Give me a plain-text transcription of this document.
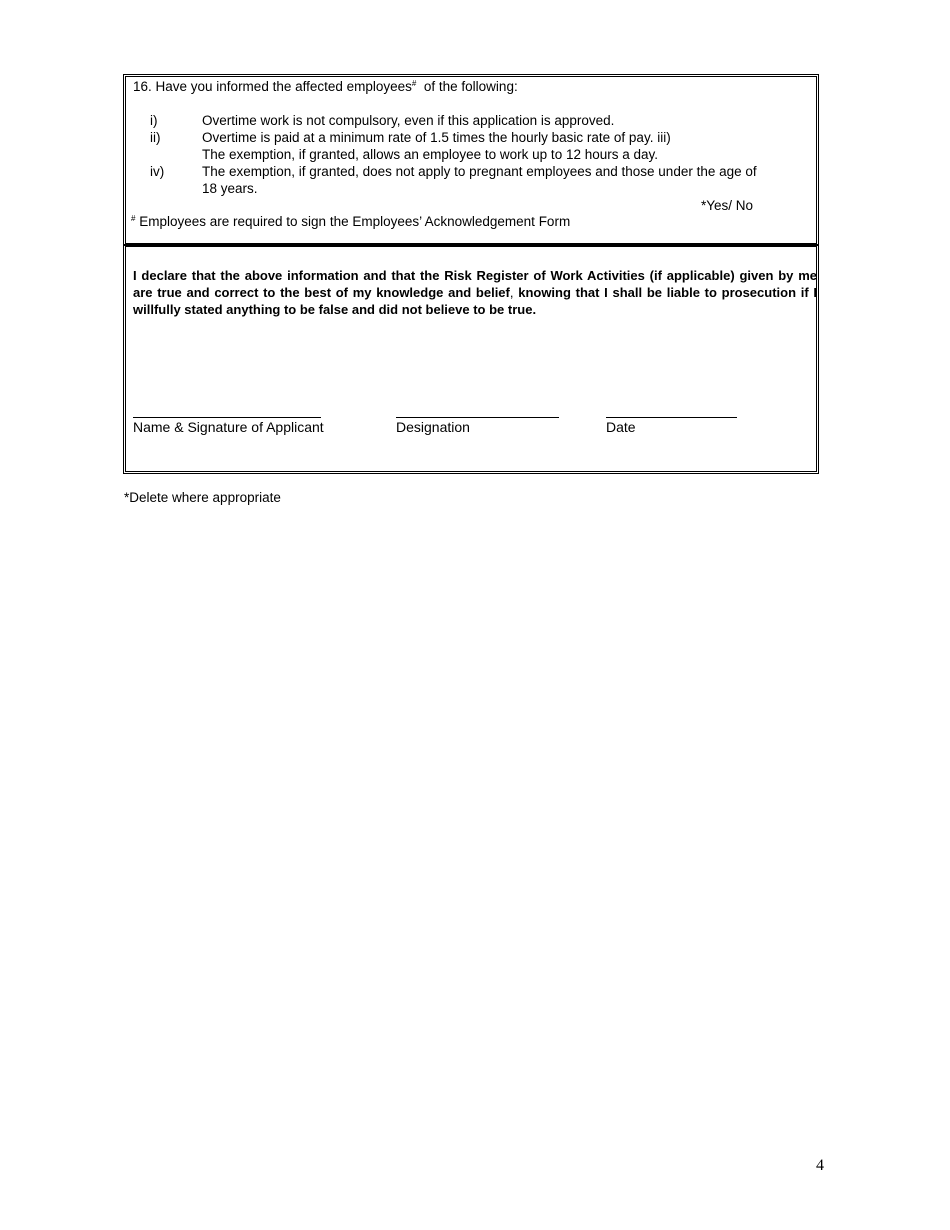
16. Have you informed the affected employees# of the following:
i)	Overtime work is not compulsory, even if this application is approved.
ii)	Overtime is paid at a minimum rate of 1.5 times the hourly basic rate of pay. iii)
The exemption, if granted, allows an employee to work up to 12 hours a day.
iv)	The exemption, if granted, does not apply to pregnant employees and those under the age of
18 years.
*Yes/ No
# Employees are required to sign the Employees’ Acknowledgement Form
I declare that the above information and that the Risk Register of Work Activities (if applicable) given by me are true and correct to the best of my knowledge and belief, knowing that I shall be liable to prosecution if I willfully stated anything to be false and did not believe to be true.
Name & Signature of Applicant	Designation	Date
*Delete where appropriate
4
